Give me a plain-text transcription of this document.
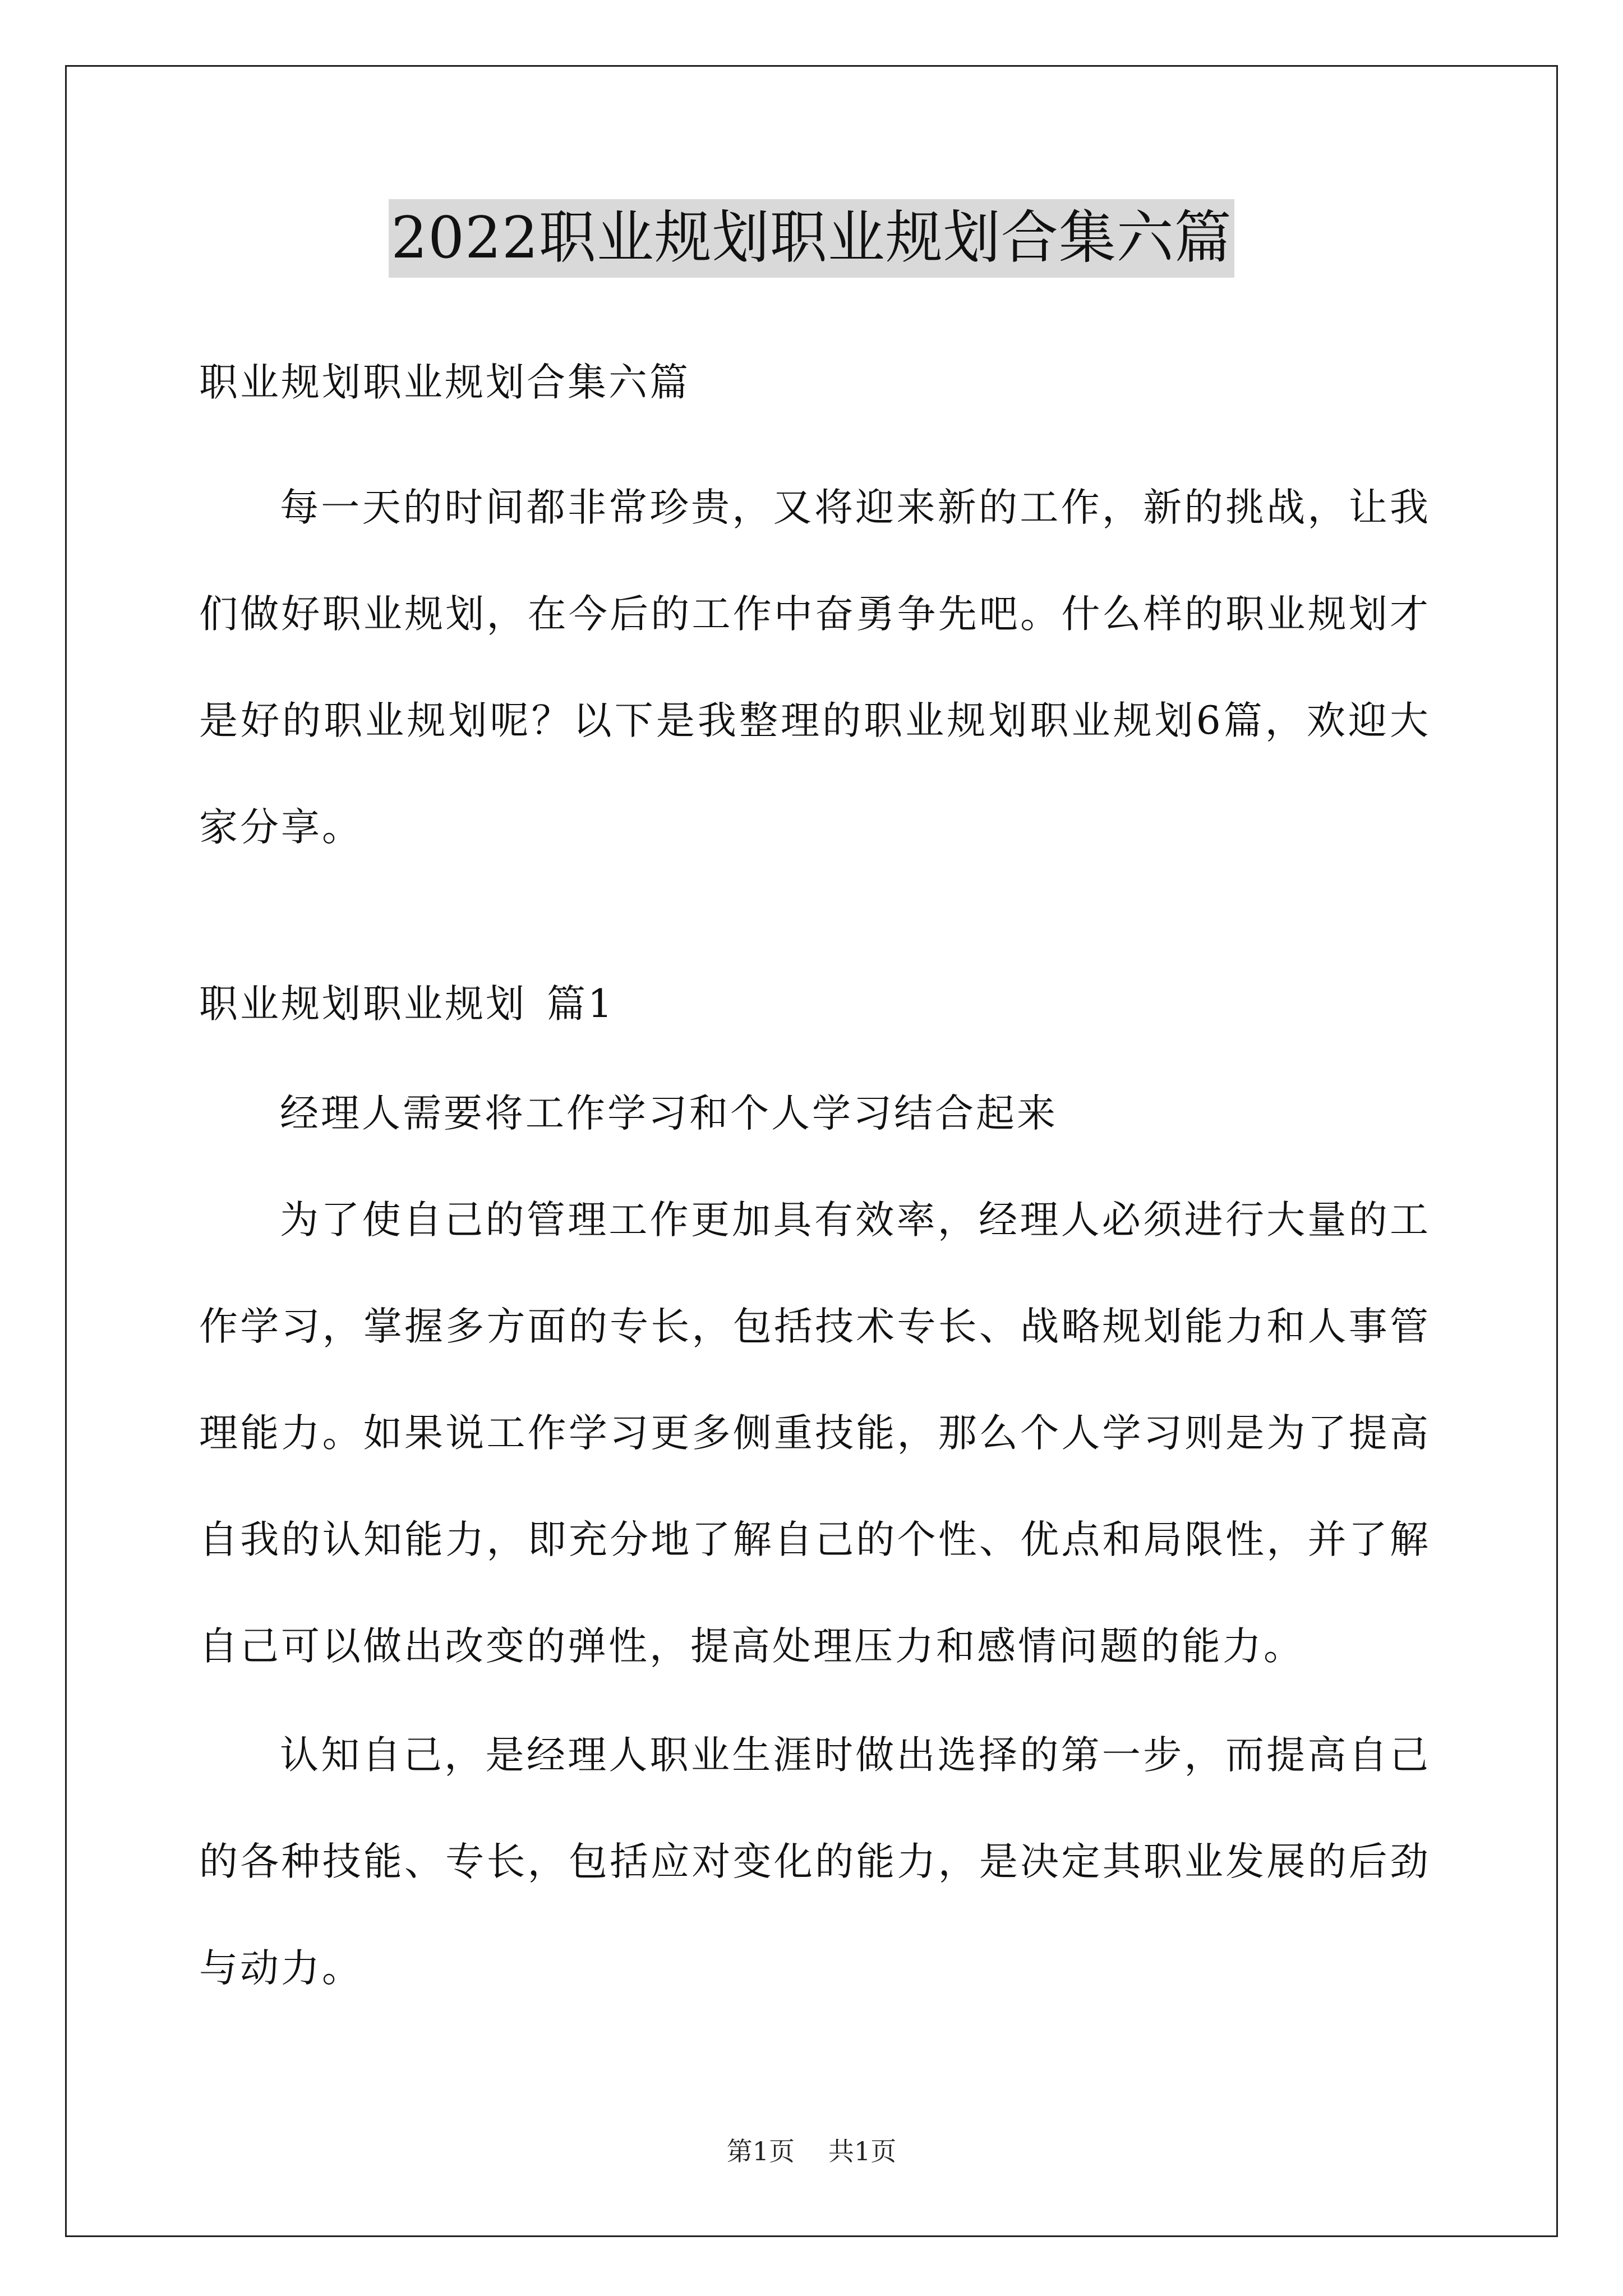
2022职业规划职业规划合集六篇

职业规划职业规划合集六篇

每一天的时间都非常珍贵，又将迎来新的工作，新的挑战，让我们做好职业规划，在今后的工作中奋勇争先吧。什么样的职业规划才是好的职业规划呢？以下是我整理的职业规划职业规划6篇，欢迎大家分享。

职业规划职业规划 篇1

经理人需要将工作学习和个人学习结合起来

为了使自己的管理工作更加具有效率，经理人必须进行大量的工作学习，掌握多方面的专长，包括技术专长、战略规划能力和人事管理能力。如果说工作学习更多侧重技能，那么个人学习则是为了提高自我的认知能力，即充分地了解自己的个性、优点和局限性，并了解自己可以做出改变的弹性，提高处理压力和感情问题的能力。

认知自己，是经理人职业生涯时做出选择的第一步，而提高自己的各种技能、专长，包括应对变化的能力，是决定其职业发展的后劲与动力。

第1页 共1页
